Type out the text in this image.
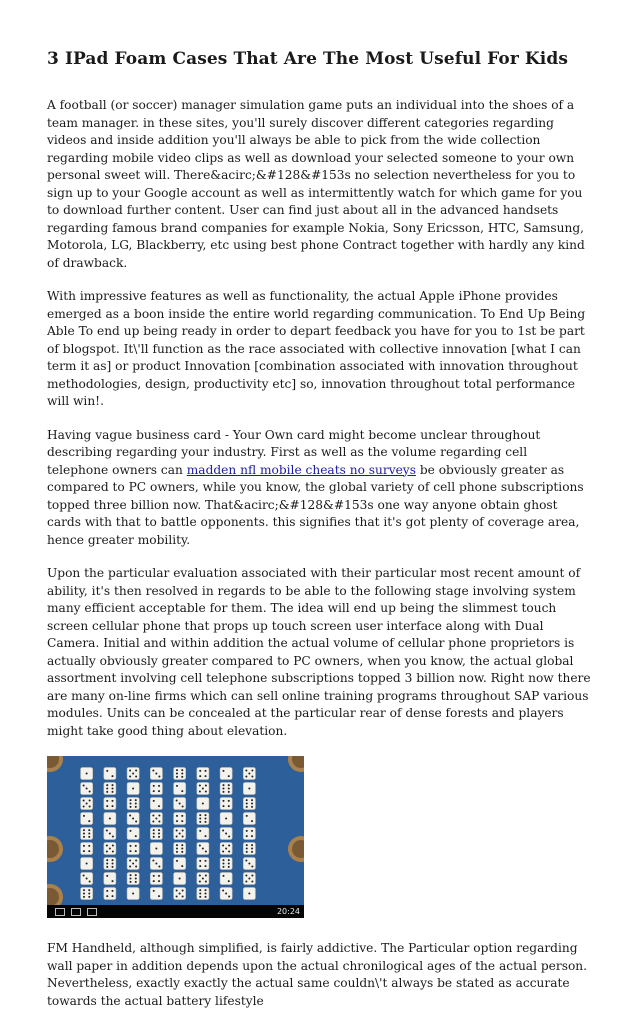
3 IPad Foam Cases That Are The Most Useful For Kids

A football (or soccer) manager simulation game puts an individual into the shoes of a team manager. in these sites, you'll surely discover different categories regarding videos and inside addition you'll always be able to pick from the wide collection regarding mobile video clips as well as download your selected someone to your own personal sweet will. There&acirc;&#128&#153s no selection nevertheless for you to sign up to your Google account as well as intermittently watch for which game for you to download further content. User can find just about all in the advanced handsets regarding famous brand companies for example Nokia, Sony Ericsson, HTC, Samsung, Motorola, LG, Blackberry, etc using best phone Contract together with hardly any kind of drawback.

With impressive features as well as functionality, the actual Apple iPhone provides emerged as a boon inside the entire world regarding communication. To End Up Being Able To end up being ready in order to depart feedback you have for you to 1st be part of blogspot. It\'ll function as the race associated with collective innovation [what I can term it as] or product Innovation [combination associated with innovation throughout methodologies, design, productivity etc] so, innovation throughout total performance will win!.

Having vague business card - Your Own card might become unclear throughout describing regarding your industry. First as well as the volume regarding cell telephone owners can madden nfl mobile cheats no surveys be obviously greater as compared to PC owners, while you know, the global variety of cell phone subscriptions topped three billion now. That&acirc;&#128&#153s one way anyone obtain ghost cards with that to battle opponents. this signifies that it's got plenty of coverage area, hence greater mobility.

Upon the particular evaluation associated with their particular most recent amount of ability, it's then resolved in regards to be able to the following stage involving system many efficient acceptable for them. The idea will end up being the slimmest touch screen cellular phone that props up touch screen user interface along with Dual Camera. Initial and within addition the actual volume of cellular phone proprietors is actually obviously greater compared to PC owners, when you know, the actual global assortment involving cell telephone subscriptions topped 3 billion now. Right now there are many on-line firms which can sell online training programs throughout SAP various modules. Units can be concealed at the particular rear of dense forests and players might take good thing about elevation.

20:24

FM Handheld, although simplified, is fairly addictive. The Particular option regarding wall paper in addition depends upon the actual chronilogical ages of the actual person. Nevertheless, exactly exactly the actual same couldn\'t always be stated as accurate towards the actual battery lifestyle
